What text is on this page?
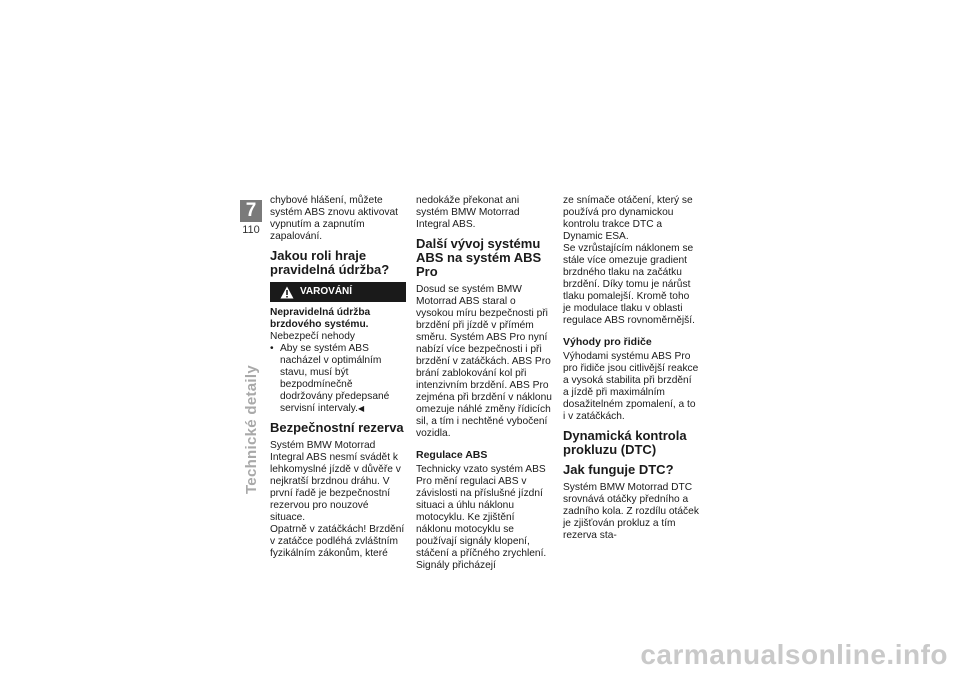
7
110
Technické detaily

chybové hlášení, můžete systém ABS znovu aktivovat vypnutím a zapnutím zapalování.

Jakou roli hraje pravidelná údržba?
VAROVÁNÍ

Nepravidelná údržba brzdového systému.

Nebezpečí nehody

• Aby se systém ABS nacházel v optimálním stavu, musí být bezpodmínečně dodržovány předepsané servisní intervaly.◀
Bezpečnostní rezerva

Systém BMW Motorrad Integral ABS nesmí svádět k lehkomyslné jízdě v důvěře v nejkratší brzdnou dráhu. V první řadě je bezpečnostní rezervou pro nouzové situace.

Opatrně v zatáčkách! Brzdění v zatáčce podléhá zvláštním fyzikálním zákonům, které

nedokáže překonat ani systém BMW Motorrad Integral ABS.

Další vývoj systému ABS na systém ABS Pro

Dosud se systém BMW Motorrad ABS staral o vysokou míru bezpečnosti při brzdění při jízdě v přímém směru. Systém ABS Pro nyní nabízí více bezpečnosti i při brzdění v zatáčkách. ABS Pro brání zablokování kol při intenzivním brzdění. ABS Pro zejména při brzdění v náklonu omezuje náhlé změny řídicích sil, a tím i nechtěné vybočení vozidla.

Regulace ABS

Technicky vzato systém ABS Pro mění regulaci ABS v závislosti na příslušné jízdní situaci a úhlu náklonu motocyklu. Ke zjištění náklonu motocyklu se používají signály klopení, stáčení a příčného zrychlení. Signály přicházejí

ze snímače otáčení, který se používá pro dynamickou kontrolu trakce DTC a Dynamic ESA.

Se vzrůstajícím náklonem se stále více omezuje gradient brzdného tlaku na začátku brzdění. Díky tomu je nárůst tlaku pomalejší. Kromě toho je modulace tlaku v oblasti regulace ABS rovnoměrnější.

Výhody pro řidiče

Výhodami systému ABS Pro pro řidiče jsou citlivější reakce a vysoká stabilita při brzdění a jízdě při maximálním dosažitelném zpomalení, a to i v zatáčkách.

Dynamická kontrola prokluzu (DTC)
Jak funguje DTC?

Systém BMW Motorrad DTC srovnává otáčky předního a zadního kola. Z rozdílu otáček je zjišťován prokluz a tím rezerva sta-

carmanualsonline.info
